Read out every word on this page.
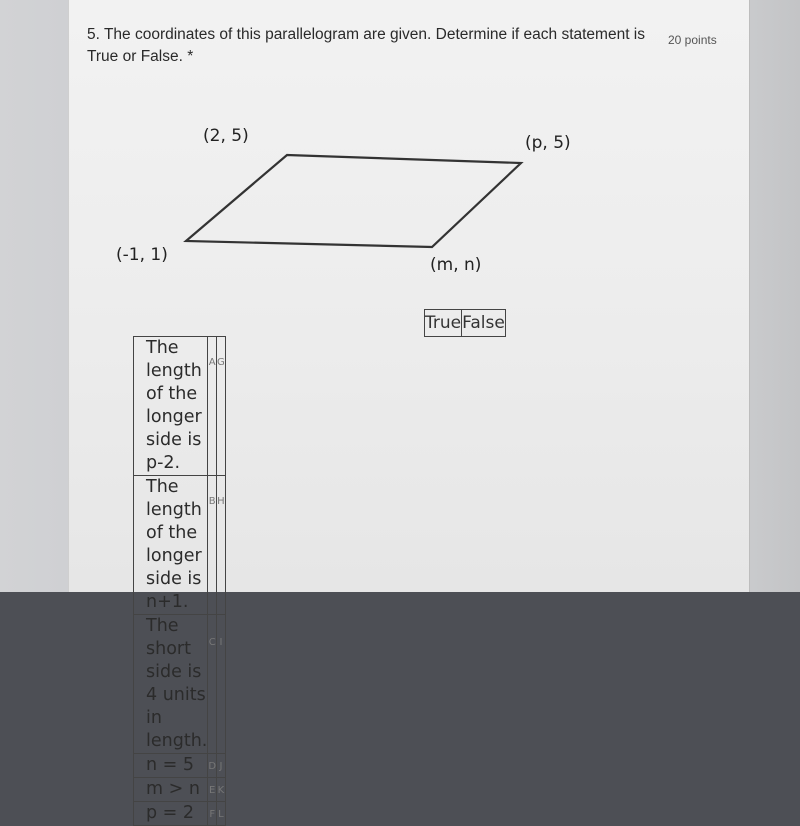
5. The coordinates of this parallelogram are given. Determine if each statement is True or False. *
20 points
(2, 5)	(p, 5)
(-1, 1)	(m, n)
True	False
The length of the longer side is p-2.	A	G
The length of the longer side is n+1.	B	H
The short side is 4 units in length.	C	I
n = 5	D	J
m > n	E	K
p = 2	F	L
